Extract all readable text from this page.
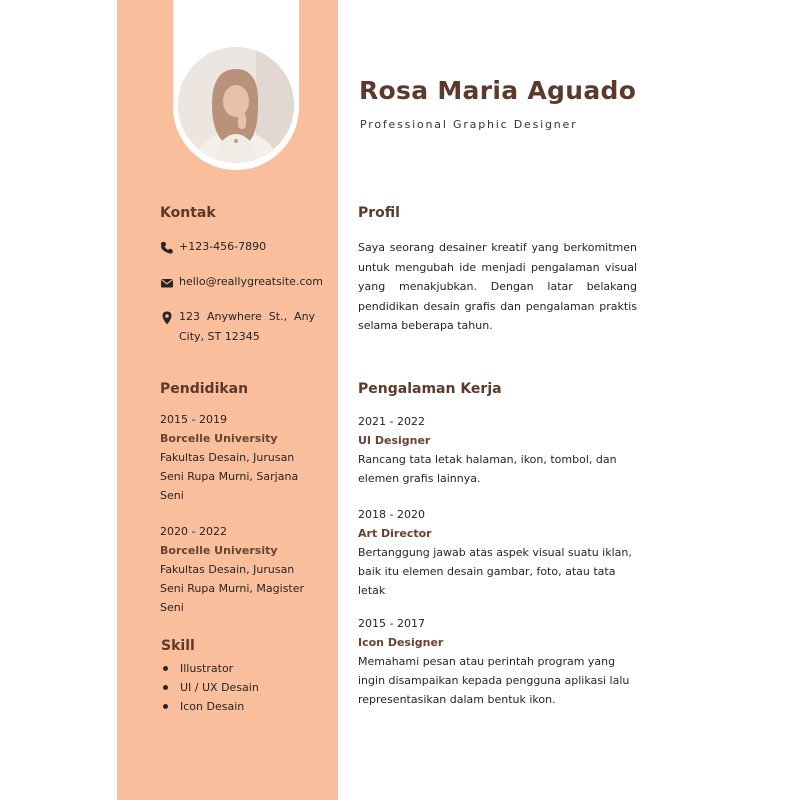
Rosa Maria Aguado
Professional Graphic Designer
Kontak
+123-456-7890
hello@reallygreatsite.com
123  Anywhere  St.,  Any
City, ST 12345
Pendidikan
2015 - 2019
Borcelle University
Fakultas Desain, Jurusan
Seni Rupa Murni, Sarjana
Seni
2020 - 2022
Borcelle University
Fakultas Desain, Jurusan
Seni Rupa Murni, Magister
Seni
Skill
Illustrator
UI / UX Desain
Icon Desain
Profil
Saya seorang desainer kreatif yang berkomitmen untuk mengubah ide menjadi pengalaman visual yang menakjubkan. Dengan latar belakang pendidikan desain grafis dan pengalaman praktis selama beberapa tahun.
Pengalaman Kerja
2021 - 2022
UI Designer
Rancang tata letak halaman, ikon, tombol, dan elemen grafis lainnya.
2018 - 2020
Art Director
Bertanggung jawab atas aspek visual suatu iklan, baik itu elemen desain gambar, foto, atau tata letak
2015 - 2017
Icon Designer
Memahami pesan atau perintah program yang ingin disampaikan kepada pengguna aplikasi lalu representasikan dalam bentuk ikon.
